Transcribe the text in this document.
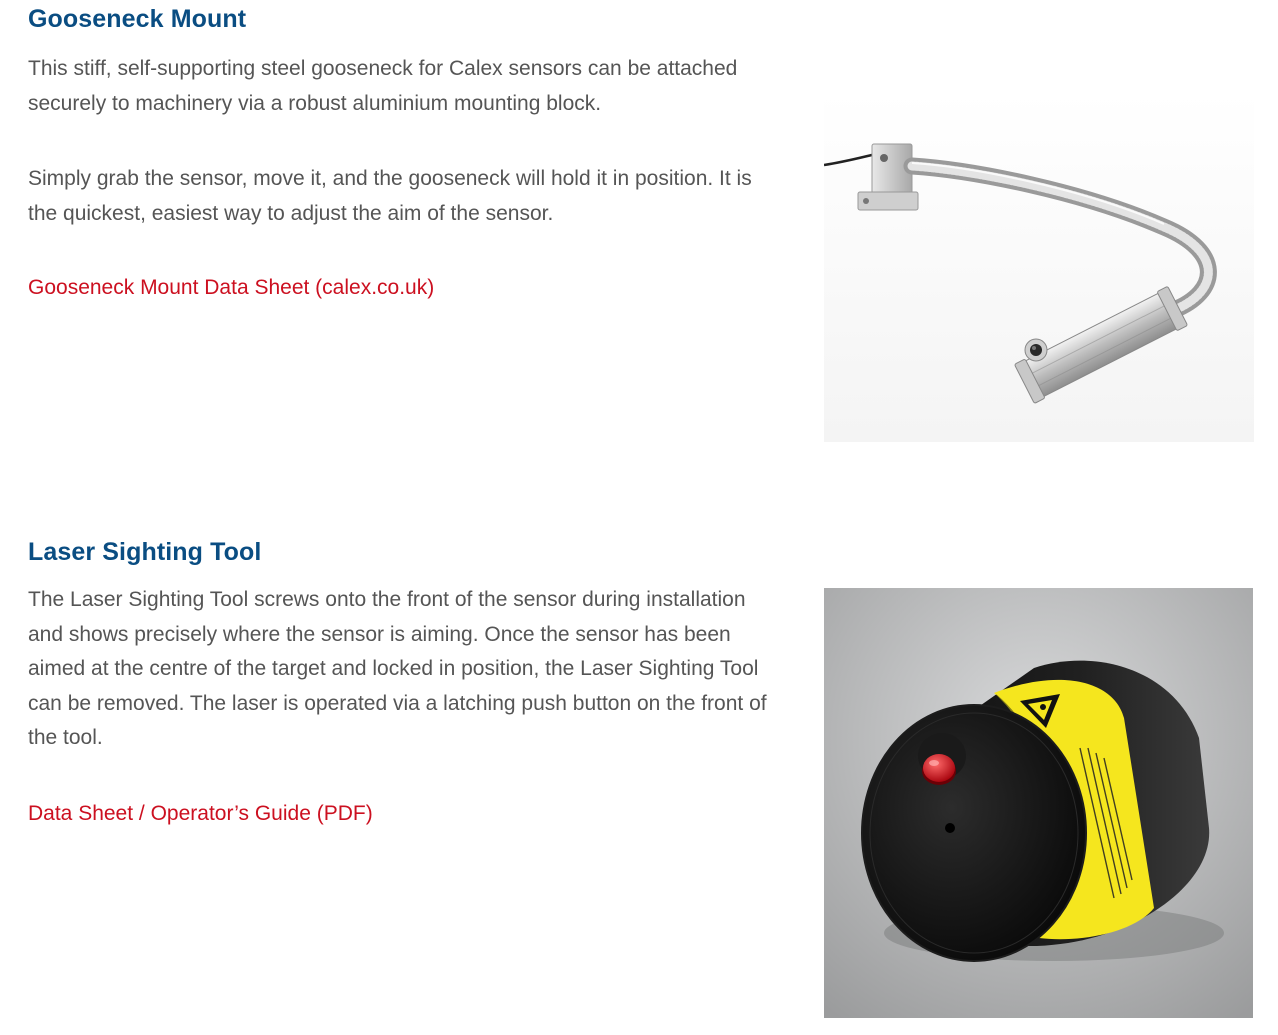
Gooseneck Mount

This stiff, self-supporting steel gooseneck for Calex sensors can be attached securely to machinery via a robust aluminium mounting block.

Simply grab the sensor, move it, and the gooseneck will hold it in position. It is the quickest, easiest way to adjust the aim of the sensor.

Gooseneck Mount Data Sheet (calex.co.uk)
Laser Sighting Tool

The Laser Sighting Tool screws onto the front of the sensor during installation and shows precisely where the sensor is aiming. Once the sensor has been aimed at the centre of the target and locked in position, the Laser Sighting Tool can be removed. The laser is operated via a latching push button on the front of the tool.

Data Sheet / Operator’s Guide (PDF)
